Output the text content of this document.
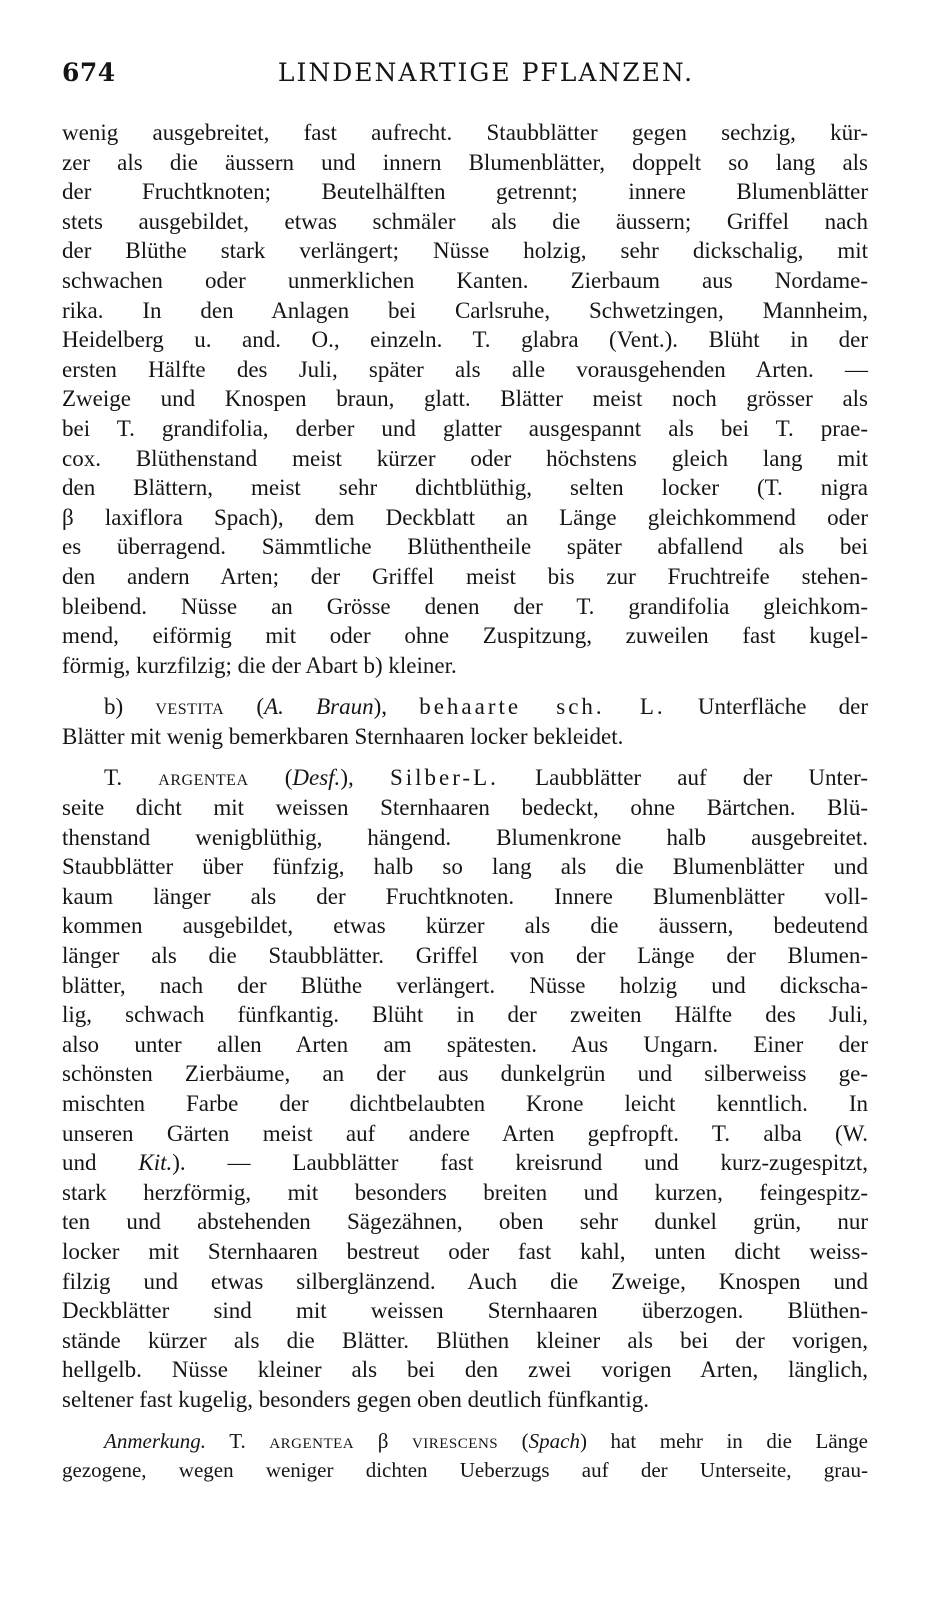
674	LINDENARTIGE PFLANZEN.
wenig ausgebreitet, fast aufrecht. Staubblätter gegen sechzig, kür-
zer als die äussern und innern Blumenblätter, doppelt so lang als
der Fruchtknoten; Beutelhälften getrennt; innere Blumenblätter
stets ausgebildet, etwas schmäler als die äussern; Griffel nach
der Blüthe stark verlängert; Nüsse holzig, sehr dickschalig, mit
schwachen oder unmerklichen Kanten. Zierbaum aus Nordame-
rika. In den Anlagen bei Carlsruhe, Schwetzingen, Mannheim,
Heidelberg u. and. O., einzeln. T. glabra (Vent.). Blüht in der
ersten Hälfte des Juli, später als alle vorausgehenden Arten. —
Zweige und Knospen braun, glatt. Blätter meist noch grösser als
bei T. grandifolia, derber und glatter ausgespannt als bei T. prae-
cox. Blüthenstand meist kürzer oder höchstens gleich lang mit
den Blättern, meist sehr dichtblüthig, selten locker (T. nigra
β laxiflora Spach), dem Deckblatt an Länge gleichkommend oder
es überragend. Sämmtliche Blüthentheile später abfallend als bei
den andern Arten; der Griffel meist bis zur Fruchtreife stehen-
bleibend. Nüsse an Grösse denen der T. grandifolia gleichkom-
mend, eiförmig mit oder ohne Zuspitzung, zuweilen fast kugel-
förmig, kurzfilzig; die der Abart b) kleiner.
b) vestita (A. Braun), behaarte sch. L. Unterfläche der
Blätter mit wenig bemerkbaren Sternhaaren locker bekleidet.
T. argentea (Desf.), Silber-L. Laubblätter auf der Unter-
seite dicht mit weissen Sternhaaren bedeckt, ohne Bärtchen. Blü-
thenstand wenigblüthig, hängend. Blumenkrone halb ausgebreitet.
Staubblätter über fünfzig, halb so lang als die Blumenblätter und
kaum länger als der Fruchtknoten. Innere Blumenblätter voll-
kommen ausgebildet, etwas kürzer als die äussern, bedeutend
länger als die Staubblätter. Griffel von der Länge der Blumen-
blätter, nach der Blüthe verlängert. Nüsse holzig und dickscha-
lig, schwach fünfkantig. Blüht in der zweiten Hälfte des Juli,
also unter allen Arten am spätesten. Aus Ungarn. Einer der
schönsten Zierbäume, an der aus dunkelgrün und silberweiss ge-
mischten Farbe der dichtbelaubten Krone leicht kenntlich. In
unseren Gärten meist auf andere Arten gepfropft. T. alba (W.
und Kit.). — Laubblätter fast kreisrund und kurz-zugespitzt,
stark herzförmig, mit besonders breiten und kurzen, feingespitz-
ten und abstehenden Sägezähnen, oben sehr dunkel grün, nur
locker mit Sternhaaren bestreut oder fast kahl, unten dicht weiss-
filzig und etwas silberglänzend. Auch die Zweige, Knospen und
Deckblätter sind mit weissen Sternhaaren überzogen. Blüthen-
stände kürzer als die Blätter. Blüthen kleiner als bei der vorigen,
hellgelb. Nüsse kleiner als bei den zwei vorigen Arten, länglich,
seltener fast kugelig, besonders gegen oben deutlich fünfkantig.
Anmerkung. T. argentea β virescens (Spach) hat mehr in die Länge
gezogene, wegen weniger dichten Ueberzugs auf der Unterseite, grau-
